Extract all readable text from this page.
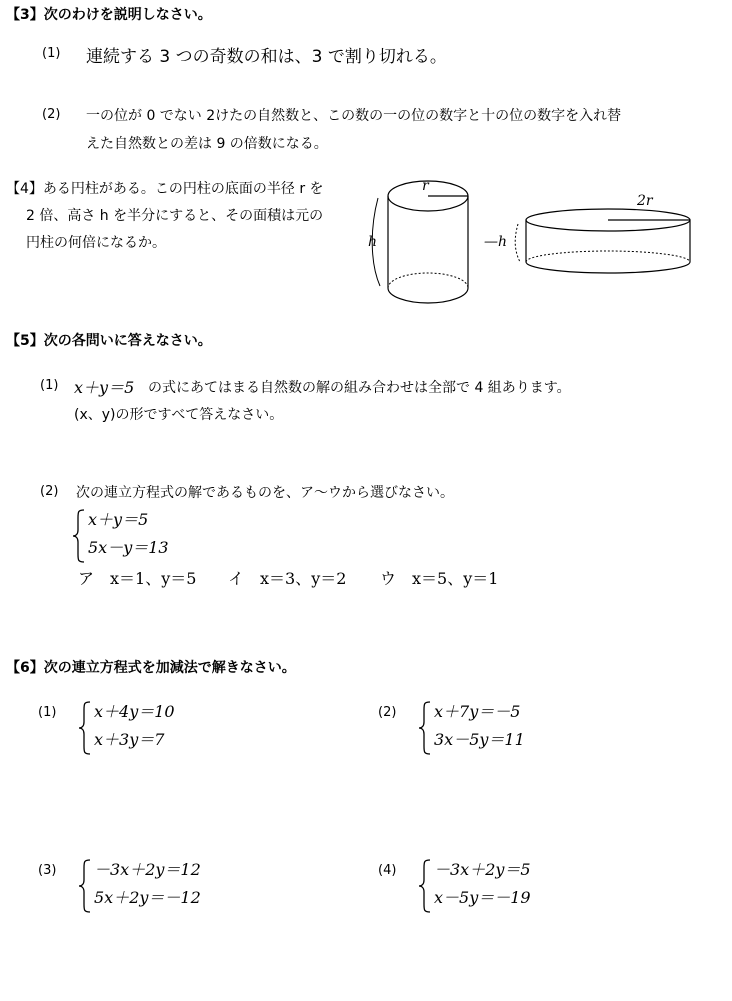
【3】次のわけを説明しなさい。
(1) 連続する 3 つの奇数の和は、3 で割り切れる。
(2) 一の位が 0 でない 2けたの自然数と、この数の一の位の数字と十の位の数字を入れ替
えた自然数との差は 9 の倍数になる。
【4】ある円柱がある。この円柱の底面の半径 r を
2 倍、高さ h を半分にすると、その面積は元の
円柱の何倍になるか。	h
r
2r
—h
【5】次の各問いに答えなさい。
(1) x＋y＝5 の式にあてはまる自然数の解の組み合わせは全部で 4 組あります。
(x、y)の形ですべて答えなさい。
(2) 次の連立方程式の解であるものを、ア〜ウから選びなさい。
x＋y＝5
5x－y＝13
ア　x＝1、y＝5 イ　x＝3、y＝2 ウ　x＝5、y＝1
【6】次の連立方程式を加減法で解きなさい。
(1) x＋4y＝10
x＋3y＝7
(2) x＋7y＝－5
3x－5y＝11
(3) －3x＋2y＝12
5x＋2y＝－12
(4) －3x＋2y＝5
x－5y＝－19
